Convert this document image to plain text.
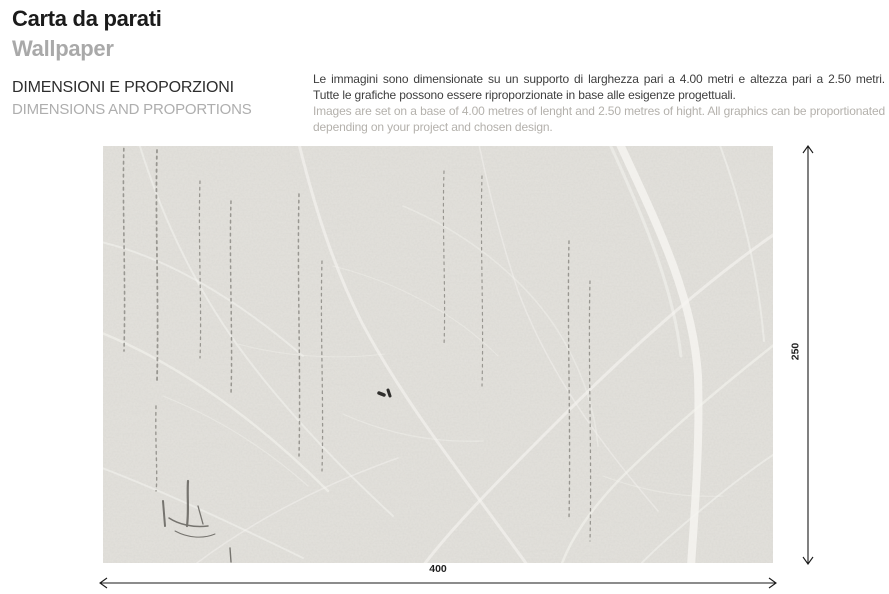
Carta da parati
Wallpaper
DIMENSIONI E PROPORZIONI
DIMENSIONS AND PROPORTIONS
Le immagini sono dimensionate su un supporto di larghezza pari a 4.00 metri e altezza pari a 2.50 metri.
Tutte le grafiche possono essere riproporzionate in base alle esigenze progettuali.
Images are set on a base of 4.00 metres of lenght and 2.50 metres of hight. All graphics can be proportionated
depending on your project and chosen design.
250
400
